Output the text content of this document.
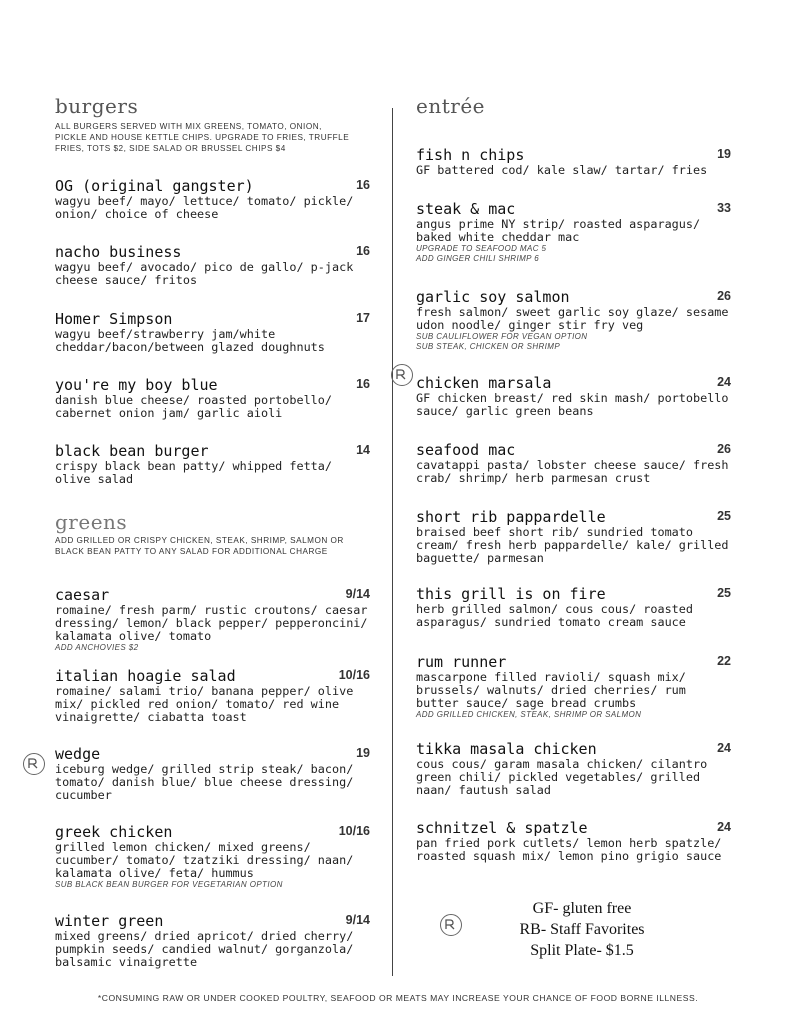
burgers
ALL BURGERS SERVED WITH MIX GREENS, TOMATO, ONION, PICKLE AND HOUSE KETTLE CHIPS. UPGRADE TO FRIES, TRUFFLE FRIES, TOTS $2, SIDE SALAD OR BRUSSEL CHIPS $4
OG (original gangster)	16
wagyu beef/ mayo/ lettuce/ tomato/ pickle/ onion/ choice of cheese
nacho business	16
wagyu beef/ avocado/ pico de gallo/ p-jack cheese sauce/ fritos
Homer Simpson	17
wagyu beef/strawberry jam/white cheddar/bacon/between glazed doughnuts
you're my boy blue	16
danish blue cheese/ roasted portobello/ cabernet onion jam/ garlic aioli
black bean burger	14
crispy black bean patty/ whipped fetta/ olive salad
greens
ADD GRILLED OR CRISPY CHICKEN, STEAK, SHRIMP, SALMON OR BLACK BEAN PATTY TO ANY SALAD FOR ADDITIONAL CHARGE
caesar	9/14
romaine/ fresh parm/ rustic croutons/ caesar dressing/ lemon/ black pepper/ pepperoncini/ kalamata olive/ tomato
ADD ANCHOVIES $2
italian hoagie salad	10/16
romaine/ salami trio/ banana pepper/ olive mix/ pickled red onion/ tomato/ red wine vinaigrette/ ciabatta toast
wedge	19
iceburg wedge/ grilled strip steak/ bacon/ tomato/ danish blue/ blue cheese dressing/ cucumber
greek chicken	10/16
grilled lemon chicken/ mixed greens/ cucumber/ tomato/ tzatziki dressing/ naan/ kalamata olive/ feta/ hummus
SUB BLACK BEAN BURGER FOR VEGETARIAN OPTION
winter green	9/14
mixed greens/ dried apricot/ dried cherry/ pumpkin seeds/ candied walnut/ gorganzola/ balsamic vinaigrette
entrée
fish n chips	19
GF battered cod/ kale slaw/ tartar/ fries
steak & mac	33
angus prime NY strip/ roasted asparagus/ baked white cheddar mac
UPGRADE TO SEAFOOD MAC 5
ADD GINGER CHILI SHRIMP 6
garlic soy salmon	26
fresh salmon/ sweet garlic soy glaze/ sesame udon noodle/ ginger stir fry veg
SUB CAULIFLOWER FOR VEGAN OPTION
SUB STEAK, CHICKEN OR SHRIMP
chicken marsala	24
GF chicken breast/ red skin mash/ portobello sauce/ garlic green beans
seafood mac	26
cavatappi pasta/ lobster cheese sauce/ fresh crab/ shrimp/ herb parmesan crust
short rib pappardelle	25
braised beef short rib/ sundried tomato cream/ fresh herb pappardelle/ kale/ grilled baguette/ parmesan
this grill is on fire	25
herb grilled salmon/ cous cous/ roasted asparagus/ sundried tomato cream sauce
rum runner	22
mascarpone filled ravioli/ squash mix/ brussels/ walnuts/ dried cherries/ rum butter sauce/ sage bread crumbs
ADD GRILLED CHICKEN, STEAK, SHRIMP OR SALMON
tikka masala chicken	24
cous cous/ garam masala chicken/ cilantro green chili/ pickled vegetables/ grilled naan/ fautush salad
schnitzel & spatzle	24
pan fried pork cutlets/ lemon herb spatzle/ roasted squash mix/ lemon pino grigio sauce
GF- gluten free
RB- Staff Favorites
Split Plate- $1.5
*CONSUMING RAW OR UNDER COOKED POULTRY, SEAFOOD OR MEATS MAY INCREASE YOUR CHANCE OF FOOD BORNE ILLNESS.
